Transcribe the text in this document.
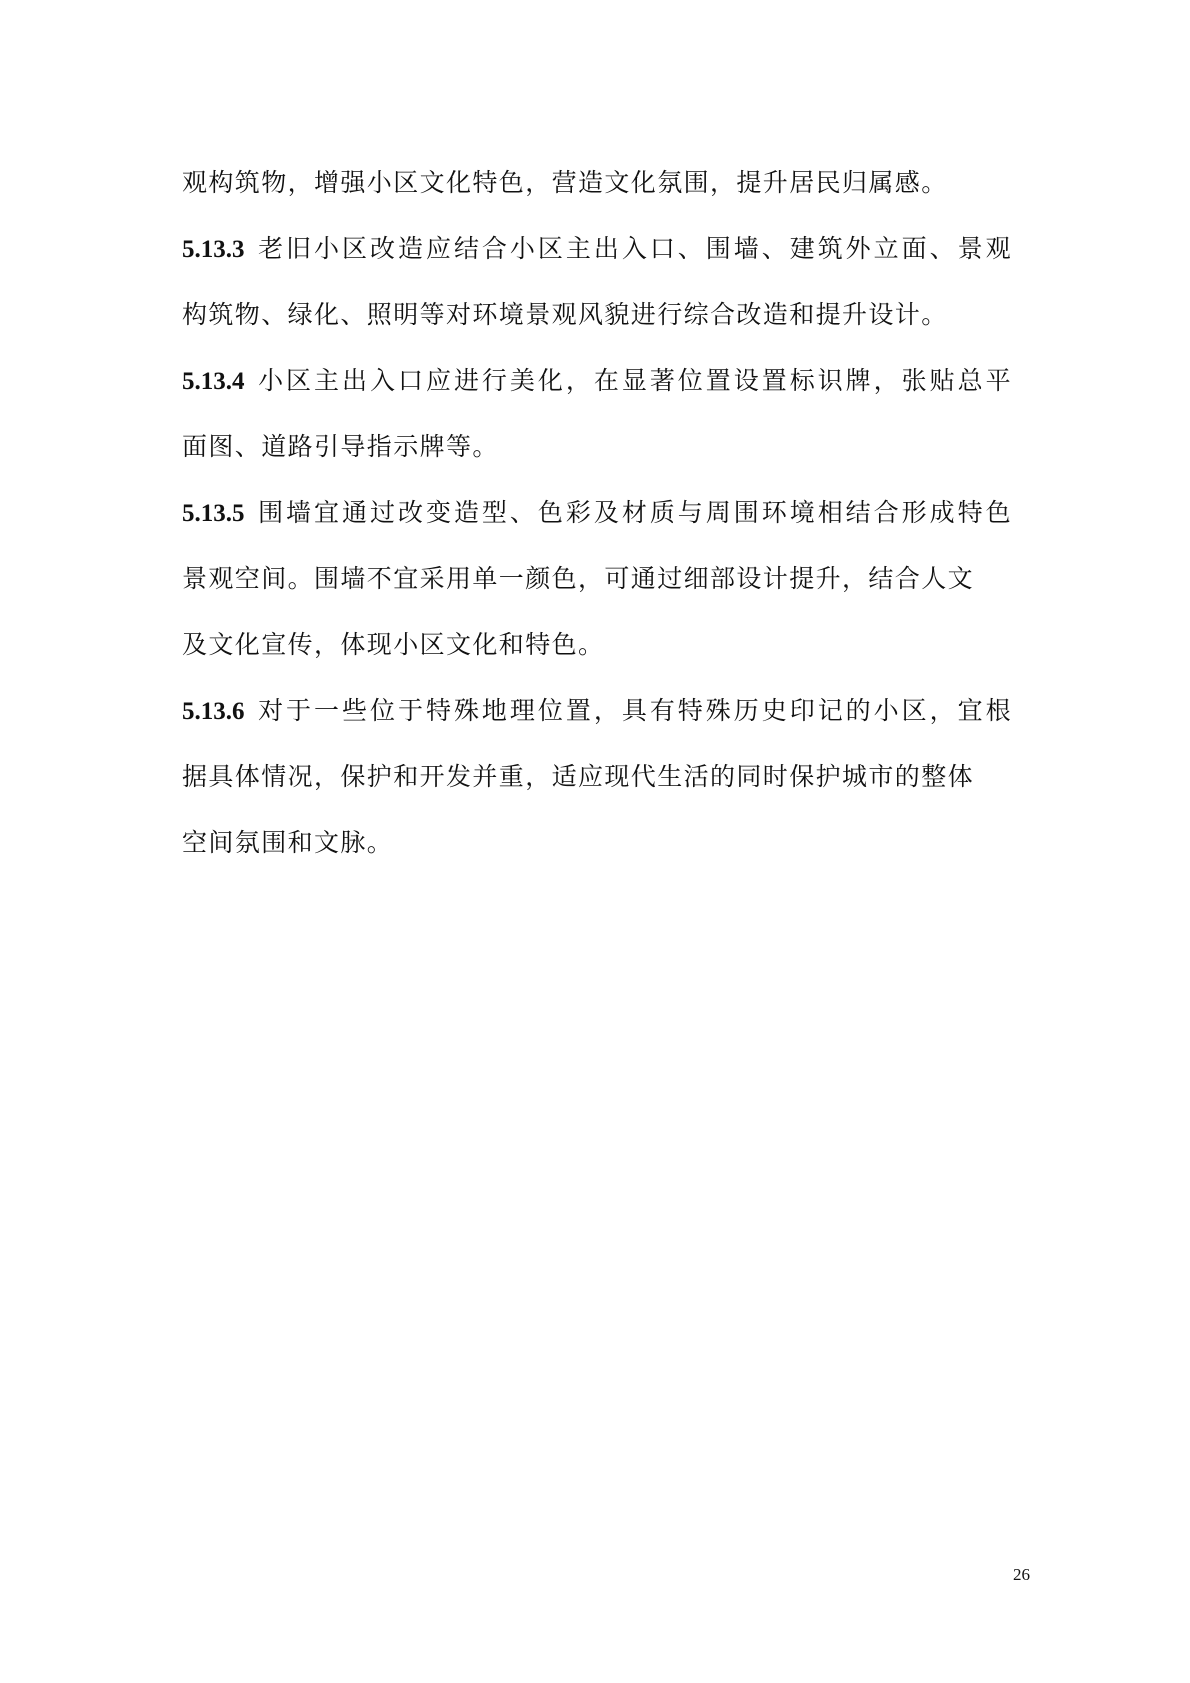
观构筑物，增强小区文化特色，营造文化氛围，提升居民归属感。
5.13.3 老旧小区改造应结合小区主出入口、围墙、建筑外立面、景观
构筑物、绿化、照明等对环境景观风貌进行综合改造和提升设计。
5.13.4 小区主出入口应进行美化，在显著位置设置标识牌，张贴总平
面图、道路引导指示牌等。
5.13.5 围墙宜通过改变造型、色彩及材质与周围环境相结合形成特色
景观空间。围墙不宜采用单一颜色，可通过细部设计提升，结合人文
及文化宣传，体现小区文化和特色。
5.13.6 对于一些位于特殊地理位置，具有特殊历史印记的小区，宜根
据具体情况，保护和开发并重，适应现代生活的同时保护城市的整体
空间氛围和文脉。
26
